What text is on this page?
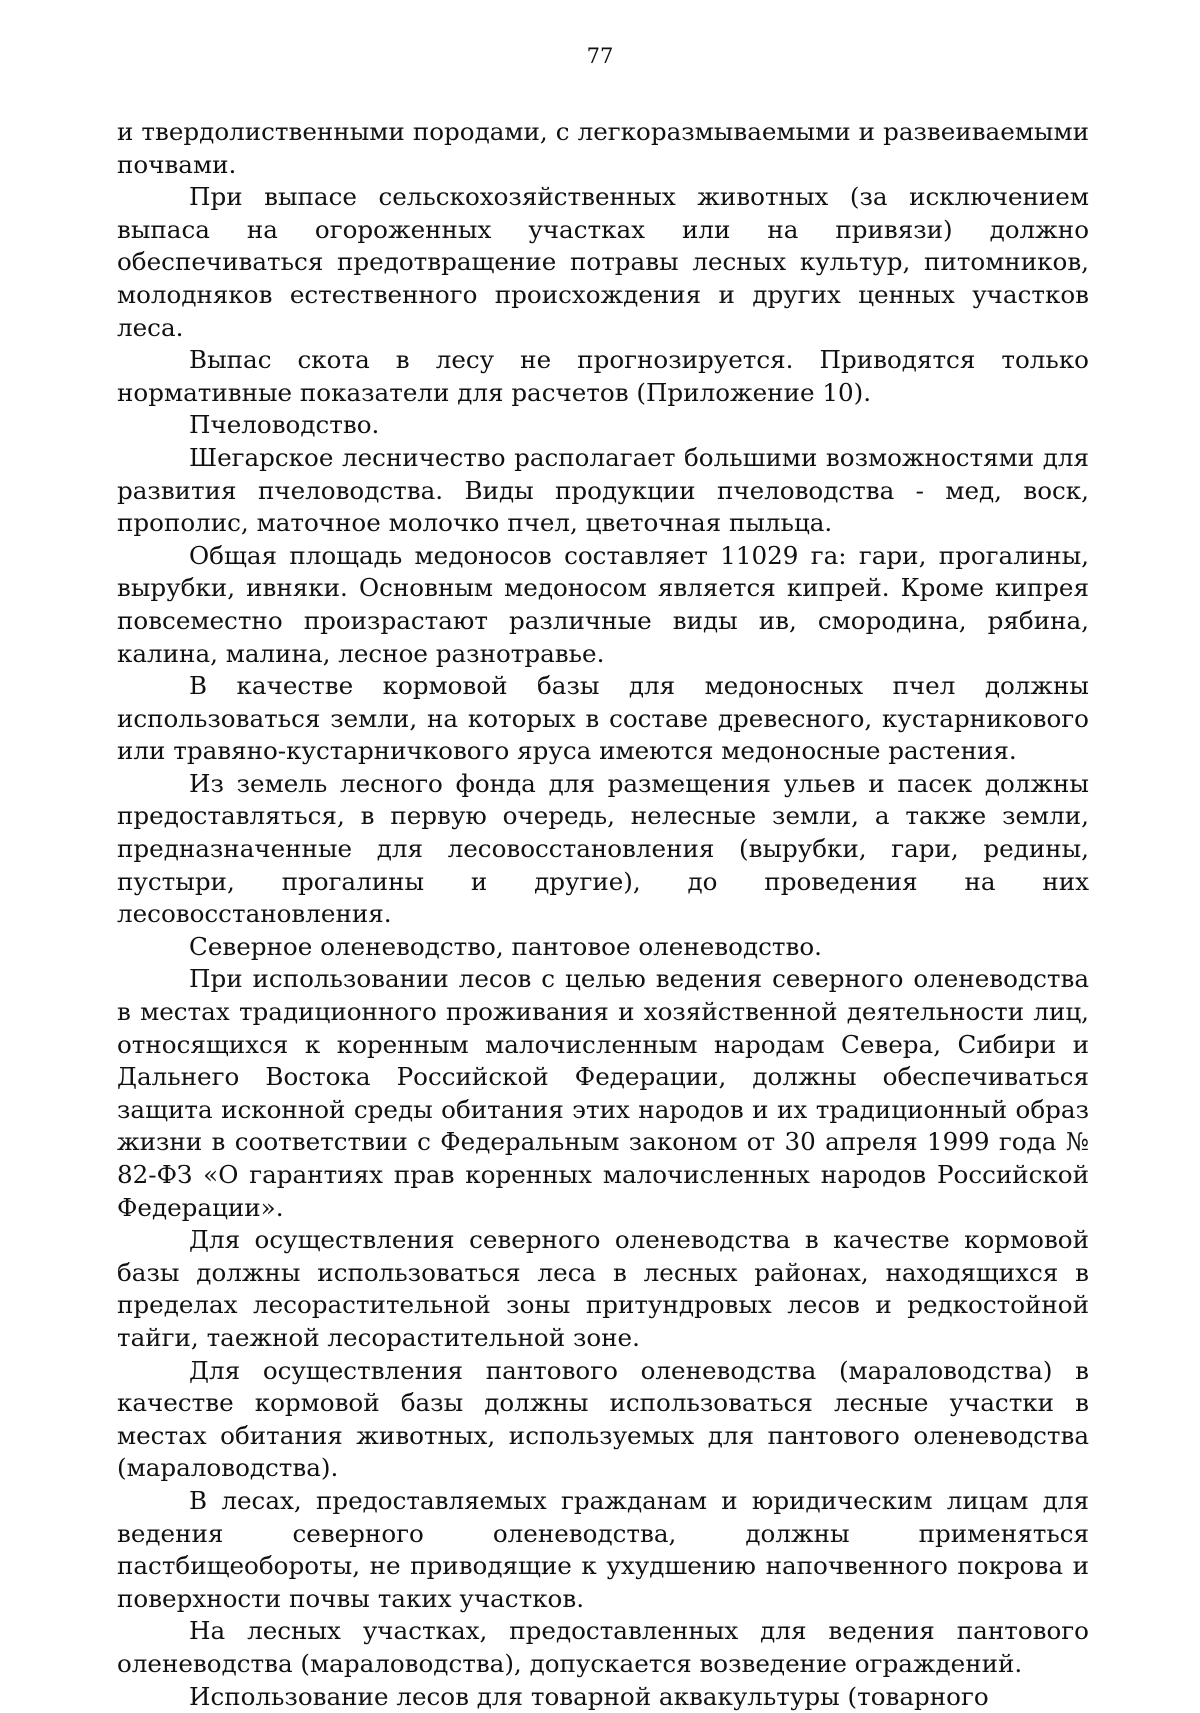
77

и твердолиственными породами, с легкоразмываемыми и развеиваемыми почвами.

При выпасе сельскохозяйственных животных (за исключением выпаса на огороженных участках или на привязи) должно обеспечиваться предотвращение потравы лесных культур, питомников, молодняков естественного происхождения и других ценных участков леса.

Выпас скота в лесу не прогнозируется. Приводятся только нормативные показатели для расчетов (Приложение 10).

Пчеловодство.

Шегарское лесничество располагает большими возможностями для развития пчеловодства. Виды продукции пчеловодства - мед, воск, прополис, маточное молочко пчел, цветочная пыльца.

Общая площадь медоносов составляет 11029 га: гари, прогалины, вырубки, ивняки. Основным медоносом является кипрей. Кроме кипрея повсеместно произрастают различные виды ив, смородина, рябина, калина, малина, лесное разнотравье.

В качестве кормовой базы для медоносных пчел должны использоваться земли, на которых в составе древесного, кустарникового или травяно-кустарничкового яруса имеются медоносные растения.

Из земель лесного фонда для размещения ульев и пасек должны предоставляться, в первую очередь, нелесные земли, а также земли, предназначенные для лесовосстановления (вырубки, гари, редины, пустыри, прогалины и другие), до проведения на них лесовосстановления.

Северное оленеводство, пантовое оленеводство.

При использовании лесов с целью ведения северного оленеводства в местах традиционного проживания и хозяйственной деятельности лиц, относящихся к коренным малочисленным народам Севера, Сибири и Дальнего Востока Российской Федерации, должны обеспечиваться защита исконной среды обитания этих народов и их традиционный образ жизни в соответствии с Федеральным законом от 30 апреля 1999 года № 82-ФЗ «О гарантиях прав коренных малочисленных народов Российской Федерации».

Для осуществления северного оленеводства в качестве кормовой базы должны использоваться леса в лесных районах, находящихся в пределах лесорастительной зоны притундровых лесов и редкостойной тайги, таежной лесорастительной зоне.

Для осуществления пантового оленеводства (мараловодства) в качестве кормовой базы должны использоваться лесные участки в местах обитания животных, используемых для пантового оленеводства (мараловодства).

В лесах, предоставляемых гражданам и юридическим лицам для ведения северного оленеводства, должны применяться пастбищеобороты, не приводящие к ухудшению напочвенного покрова и поверхности почвы таких участков.

На лесных участках, предоставленных для ведения пантового оленеводства (мараловодства), допускается возведение ограждений.

Использование лесов для товарной аквакультуры (товарного
